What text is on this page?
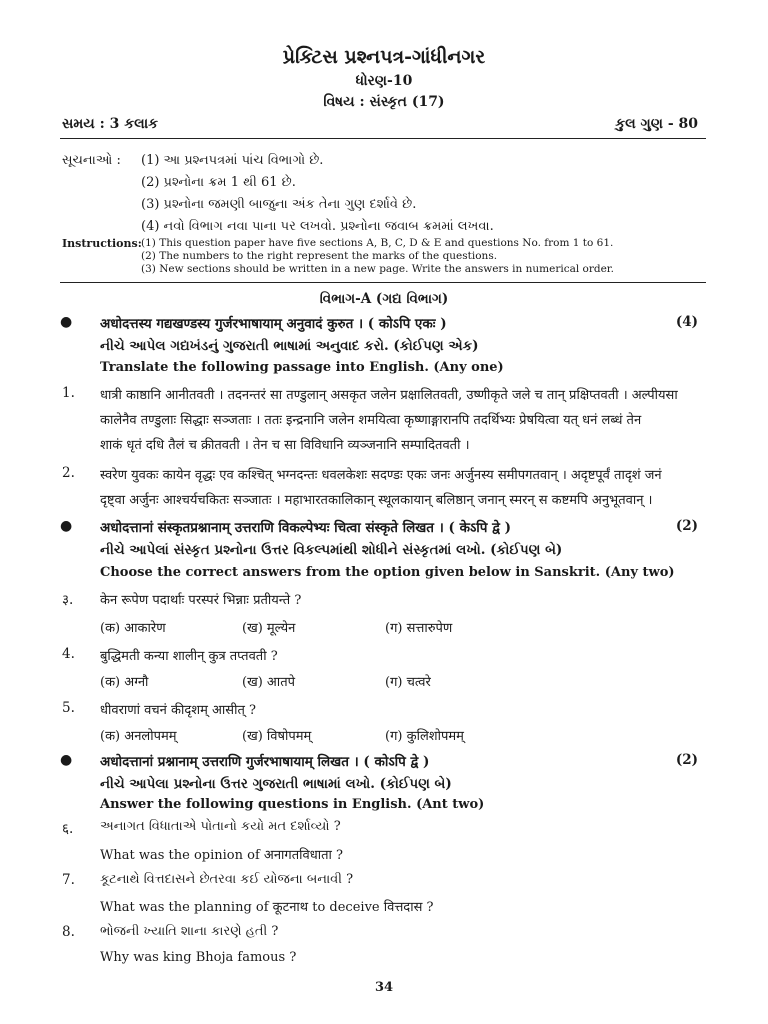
પ્રેક્ટિસ પ્રશ્નપત્ર-ગાંધીનગર
ધોરણ-10
વિષય : સંસ્કૃત (17)
સમય : 3 કલાક	કુલ ગુણ - 80
સૂચનાઓ : (1) આ પ્રશ્નપત્રમાં પાંચ વિભાગો છે.
(2) પ્રશ્નોના ક્રમ 1 થી 61 છે.
(3) પ્રશ્નોના જમણી બાજુના અંક તેના ગુણ દર્શાવે છે.
(4) નવો વિભાગ નવા પાના પર લખવો. પ્રશ્નોના જવાબ ક્રમમાં લખવા.
Instructions: (1) This question paper have five sections A, B, C, D & E and questions No. from 1 to 61.
(2) The numbers to the right represent the marks of the questions.
(3) New sections should be written in a new page. Write the answers in numerical order.
વિભાગ-A (ગદ્ય વિભાગ)
● अधोदत्तस्य गद्यखण्डस्य गुर्जरभाषायाम् अनुवादं कुरुत । ( कोऽपि एकः )	(4)
નીચે આપેલ ગદ્યખંડનું ગુજરાતી ભાષામાં અનુવાદ કરો. (કોઈપણ એક)
Translate the following passage into English. (Any one)
1. धात्री काष्ठानि आनीतवती । तदनन्तरं सा तण्डुलान् असकृत जलेन प्रक्षालितवती, उष्णीकृते जले च तान् प्रक्षिप्तवती । अल्पीयसा
कालेनैव तण्डुलाः सिद्धाः सञ्जताः । ततः इन्द्रनानि जलेन शमयित्वा कृष्णाङ्गारानपि तदर्थिभ्यः प्रेषयित्वा यत् धनं लब्धं तेन
शाकं धृतं दधि तैलं च क्रीतवती । तेन च सा विविधानि व्यञ्जनानि सम्पादितवती ।
2. स्वरेण युवकः कायेन वृद्धः एव कश्चित् भग्नदन्तः धवलकेशः सदण्डः एकः जनः अर्जुनस्य समीपगतवान् । अदृष्टपूर्वं तादृशं जनं
दृष्ट्वा अर्जुनः आश्चर्यचकितः सञ्जातः । महाभारतकालिकान् स्थूलकायान् बलिष्ठान् जनान् स्मरन् स कष्टमपि अनुभूतवान् ।
● अधोदत्तानां संस्कृतप्रश्नानाम् उत्तराणि विकल्पेभ्यः चित्वा संस्कृते लिखत । ( केऽपि द्वे )	(2)
નીચે આપેલાં સંસ્કૃત પ્રશ્નોના ઉત્તર વિકલ્પમાંથી શોધીને સંસ્કૃતમાં લખો. (કોઈપણ બે)
Choose the correct answers from the option given below in Sanskrit. (Any two)
३. केन रूपेण पदार्थाः परस्परं भिन्नाः प्रतीयन्ते ?
(क) आकारेण	(ख) मूल्येन	(ग) सत्तारुपेण
4. बुद्धिमती कन्या शालीन् कुत्र तप्तवती ?
(क) अग्नौ	(ख) आतपे	(ग) चत्वरे
5. धीवराणां वचनं कीदृशम् आसीत् ?
(क) अनलोपमम्	(ख) विषोपमम्	(ग) कुलिशोपमम्
● अधोदत्तानां प्रश्नानाम् उत्तराणि गुर्जरभाषायाम् लिखत । ( कोऽपि द्वे )	(2)
નીચે આપેલા પ્રશ્નોના ઉત્તર ગુજરાતી ભાષામાં લખો. (કોઈપણ બે)
Answer the following questions in English. (Ant two)
६. અનાગત વિધાતાએ પોતાનો કયો મત દર્શાવ્યો ?
What was the opinion of अनागतविधाता ?
7. કૂટનાથે વિત્તદાસને છેતરવા કઈ યોજના બનાવી ?
What was the planning of कूटनाथ to deceive वित्तदास ?
8. ભોજની ખ્યાતિ શાના કારણે હતી ?
Why was king Bhoja famous ?
34
